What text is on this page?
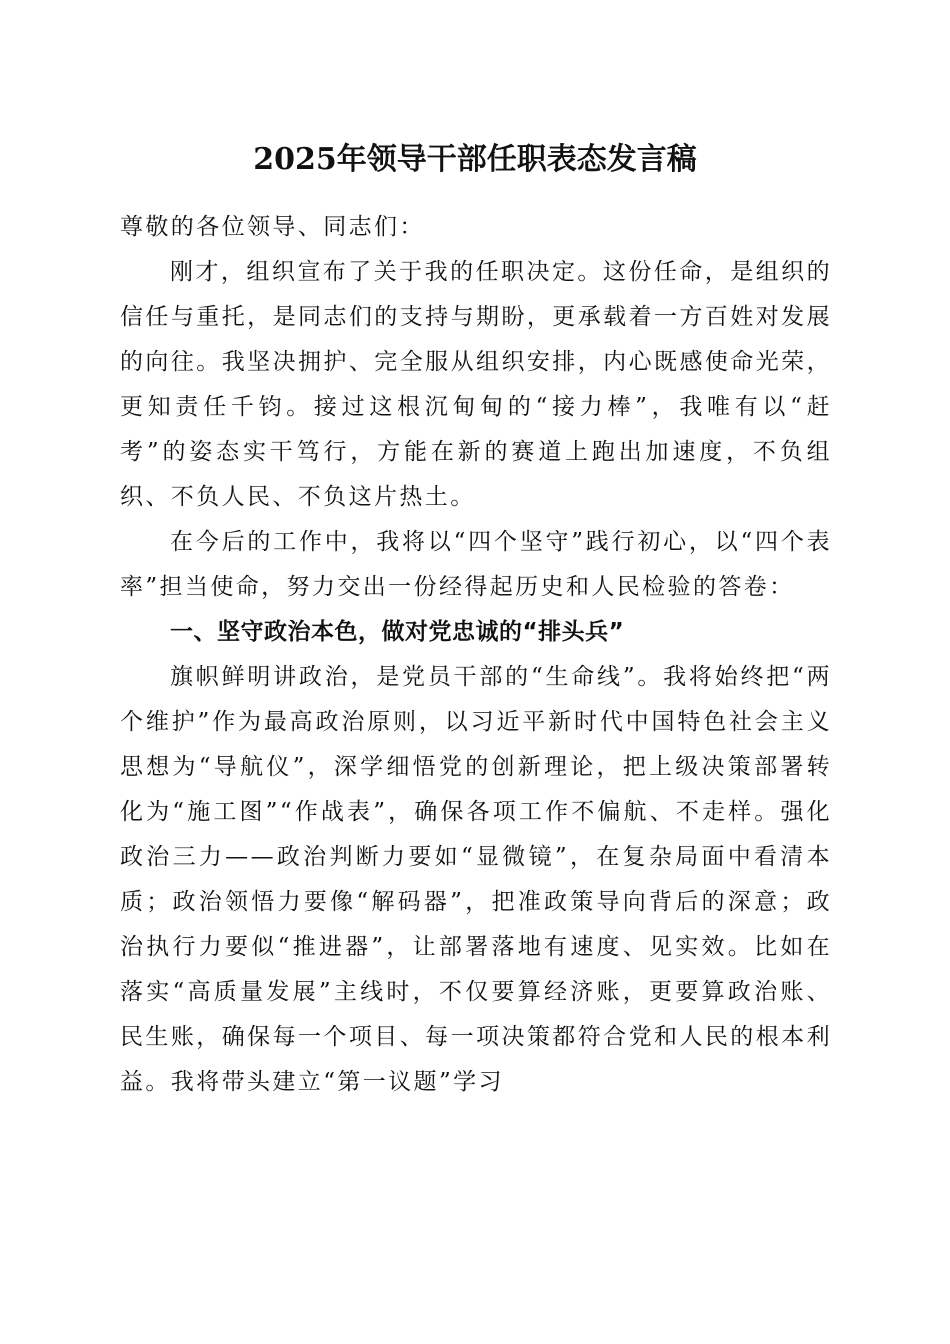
2025年领导干部任职表态发言稿

尊敬的各位领导、同志们：

刚才，组织宣布了关于我的任职决定。这份任命，是组织的信任与重托，是同志们的支持与期盼，更承载着一方百姓对发展的向往。我坚决拥护、完全服从组织安排，内心既感使命光荣，更知责任千钧。接过这根沉甸甸的“接力棒”，我唯有以“赶考”的姿态实干笃行，方能在新的赛道上跑出加速度，不负组织、不负人民、不负这片热土。

在今后的工作中，我将以“四个坚守”践行初心，以“四个表率”担当使命，努力交出一份经得起历史和人民检验的答卷：

一、坚守政治本色，做对党忠诚的“排头兵”

旗帜鲜明讲政治，是党员干部的“生命线”。我将始终把“两个维护”作为最高政治原则，以习近平新时代中国特色社会主义思想为“导航仪”，深学细悟党的创新理论，把上级决策部署转化为“施工图”“作战表”，确保各项工作不偏航、不走样。强化政治三力——政治判断力要如“显微镜”，在复杂局面中看清本质；政治领悟力要像“解码器”，把准政策导向背后的深意；政治执行力要似“推进器”，让部署落地有速度、见实效。比如在落实“高质量发展”主线时，不仅要算经济账，更要算政治账、民生账，确保每一个项目、每一项决策都符合党和人民的根本利益。我将带头建立“第一议题”学习
